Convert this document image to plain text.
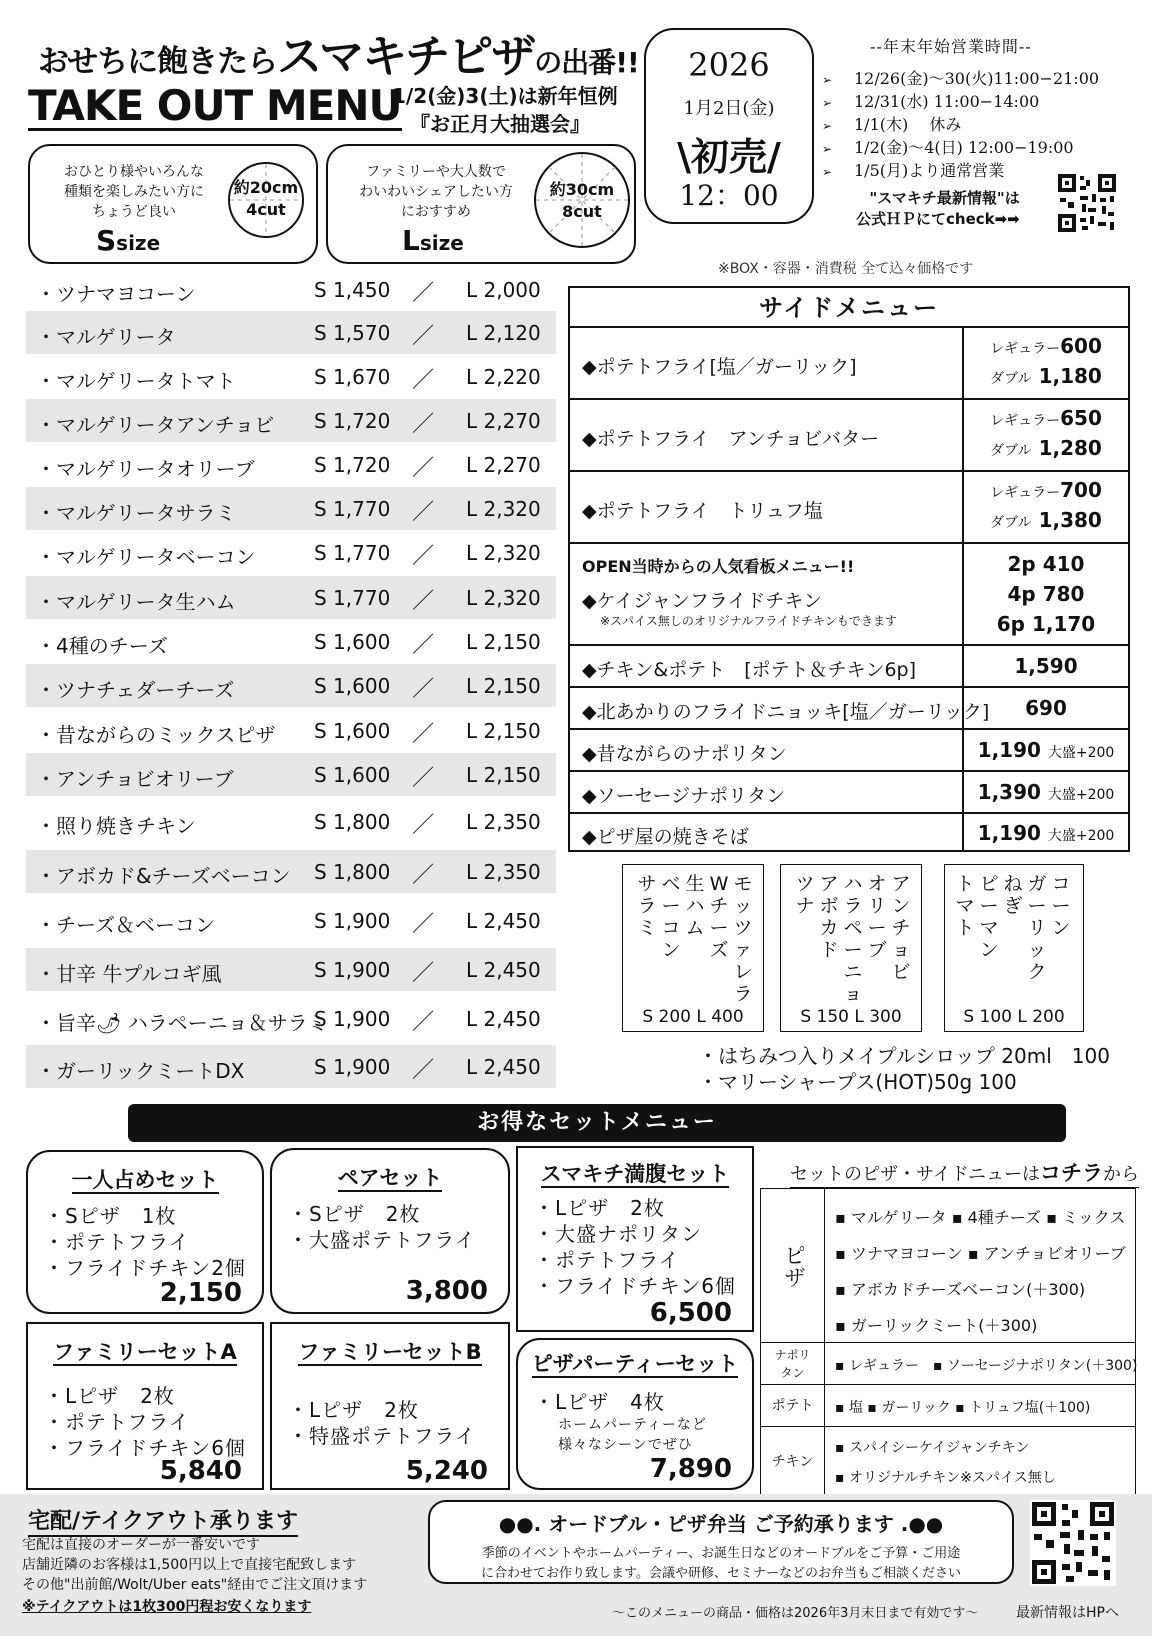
おせちに飽きたらスマキチピザの出番!!
TAKE OUT MENU
1/2(金)3(土)は新年恒例
『お正月大抽選会』
おひとり様やいろんな
種類を楽しみたい方に
ちょうど良い
Ssize
約20cm
4cut
ファミリーや大人数で
わいわいシェアしたい方
におすすめ
Lsize
約30cm
8cut
2026
1月2日(金)
\初売/
12：00
--年末年始営業時間--
➢ 12/26(金)〜30(火)11:00−21:00
➢ 12/31(水) 11:00−14:00
➢ 1/1(木)　 休み
➢ 1/2(金)〜4(日) 12:00−19:00
➢ 1/5(月)より通常営業
"スマキチ最新情報"は
公式ＨＰにてcheck➡➡
※BOX・容器・消費税 全て込々価格です
・ツナマヨコーン	S 1,450 ／ L 2,000
・マルゲリータ	S 1,570 ／ L 2,120
・マルゲリータトマト	S 1,670 ／ L 2,220
・マルゲリータアンチョビ S 1,720 ／ L 2,270
・マルゲリータオリーブ	S 1,720 ／ L 2,270
・マルゲリータサラミ	S 1,770 ／ L 2,320
・マルゲリータベーコン	S 1,770 ／ L 2,320
・マルゲリータ生ハム	S 1,770 ／ L 2,320
・4種のチーズ	S 1,600 ／ L 2,150
・ツナチェダーチーズ	S 1,600 ／ L 2,150
・昔ながらのミックスピザ S 1,600 ／ L 2,150
・アンチョビオリーブ	S 1,600 ／ L 2,150
・照り焼きチキン	S 1,800 ／ L 2,350
・アボカド&チーズベーコン S 1,800 ／ L 2,350
・チーズ＆ベーコン	S 1,900 ／ L 2,450
・甘辛 牛プルコギ風	S 1,900 ／ L 2,450
・旨辛🌶 ハラペーニョ＆サラミ
S 1,900 ／ L 2,450
・ガーリックミートDX	S 1,900 ／ L 2,450
サイドメニュー
◆ポテトフライ[塩／ガーリック]
レギュラー600
ダブル 1,180
◆ポテトフライ　アンチョビバター
レギュラー650
ダブル 1,280
◆ポテトフライ　トリュフ塩
レギュラー700
ダブル 1,380
OPEN当時からの人気看板メニュー!!
◆ケイジャンフライドチキン
※スパイス無しのオリジナルフライドチキンもできます
2p 410
4p 780
6p 1,170
◆チキン&ポテト　[ポテト＆チキン6p]	1,590
◆北あかりのフライドニョッキ[塩／ガーリック]	690
◆昔ながらのナポリタン	1,190 大盛+200
◆ソーセージナポリタン	1,390 大盛+200
◆ピザ屋の焼きそば	1,190 大盛+200
モッツァレラ
Wチーズ
生ハム
ベーコン
サラミ
S 200 L 400
アンチョビ
オリーブ
ハラペーニョ
アボカド
ツナ
S 150 L 300
コーン
ガーリック
ねぎ
ピーマン
トマト
S 100 L 200
・はちみつ入りメイプルシロップ 20ml　100
・マリーシャープス(HOT)50g 100
お得なセットメニュー
一人占めセット
・Sピザ　1枚
・ポテトフライ
・フライドチキン2個
2,150
ペアセット
・Sピザ　2枚
・大盛ポテトフライ
3,800
スマキチ満腹セット
・Lピザ　2枚
・大盛ナポリタン
・ポテトフライ
・フライドチキン6個
6,500
ファミリーセットA
・Lピザ　2枚
・ポテトフライ
・フライドチキン6個
5,840
ファミリーセットB
・Lピザ　2枚
・特盛ポテトフライ
5,240
ピザパーティーセット
・Lピザ　4枚
ホームパーティーなど
様々なシーンでぜひ
7,890
セットのピザ・サイドニューはコチラから
ピザ
▪ マルゲリータ ▪ 4種チーズ ▪ ミックス
▪ ツナマヨコーン ▪ アンチョビオリーブ
▪ アボカドチーズベーコン(＋300)
▪ ガーリックミート(＋300)
ナポリタン	▪ レギュラー　▪ ソーセージナポリタン(＋300)
ポテト	▪ 塩 ▪ ガーリック ▪ トリュフ塩(＋100)
チキン
▪ スパイシーケイジャンチキン
▪ オリジナルチキン※スパイス無し
宅配/テイクアウト承ります
宅配は直接のオーダーが一番安いです
店舗近隣のお客様は1,500円以上で直接宅配致します
その他"出前館/Wolt/Uber eats"経由でご注文頂けます
※テイクアウトは1枚300円程お安くなります
●●. オードブル・ピザ弁当 ご予約承ります .●●
季節のイベントやホームパーティー、お誕生日などのオードブルをご予算・ご用途
に合わせてお作り致します。会議や研修、セミナーなどのお弁当もご相談ください
〜このメニューの商品・価格は2026年3月末日まで有効です〜	最新情報はHPへ
